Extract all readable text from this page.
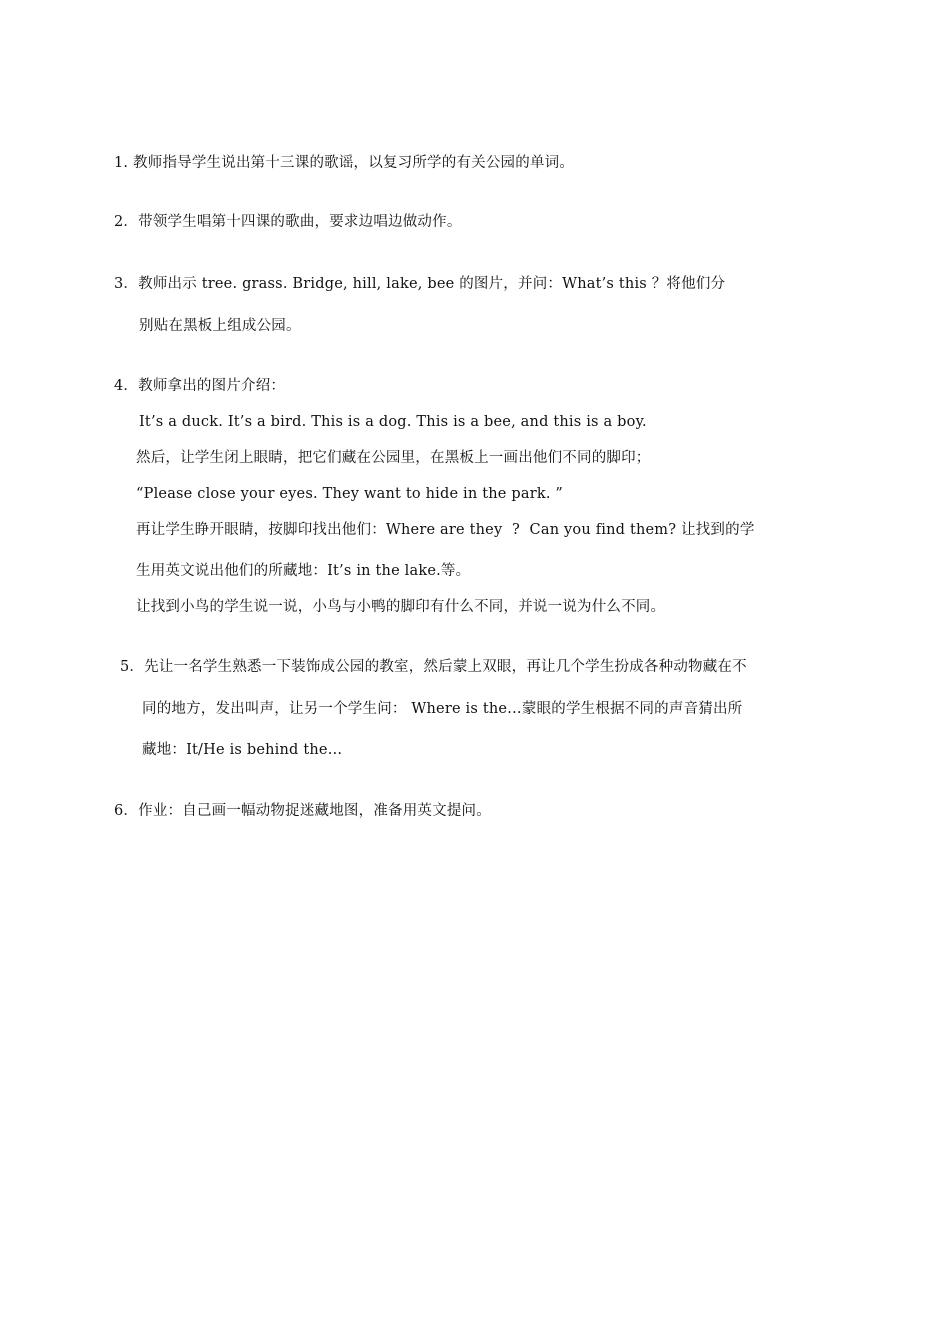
1. 教师指导学生说出第十三课的歌谣，以复习所学的有关公园的单词。
2．带领学生唱第十四课的歌曲，要求边唱边做动作。
3．教师出示 tree. grass. Bridge, hill, lake, bee 的图片，并问：What’s this ？将他们分
别贴在黑板上组成公园。
4．教师拿出的图片介绍：
It’s a duck. It’s a bird. This is a dog. This is a bee, and this is a boy.
然后，让学生闭上眼睛，把它们藏在公园里，在黑板上一画出他们不同的脚印；
“Please close your eyes. They want to hide in the park. ”
再让学生睁开眼睛，按脚印找出他们：Where are they  ?  Can you find them? 让找到的学
生用英文说出他们的所藏地：It’s in the lake.等。
让找到小鸟的学生说一说，小鸟与小鸭的脚印有什么不同，并说一说为什么不同。
5．先让一名学生熟悉一下装饰成公园的教室，然后蒙上双眼，再让几个学生扮成各种动物藏在不
同的地方，发出叫声，让另一个学生问： Where is the…蒙眼的学生根据不同的声音猜出所
藏地：It/He is behind the…
6．作业：自己画一幅动物捉迷藏地图，准备用英文提问。
